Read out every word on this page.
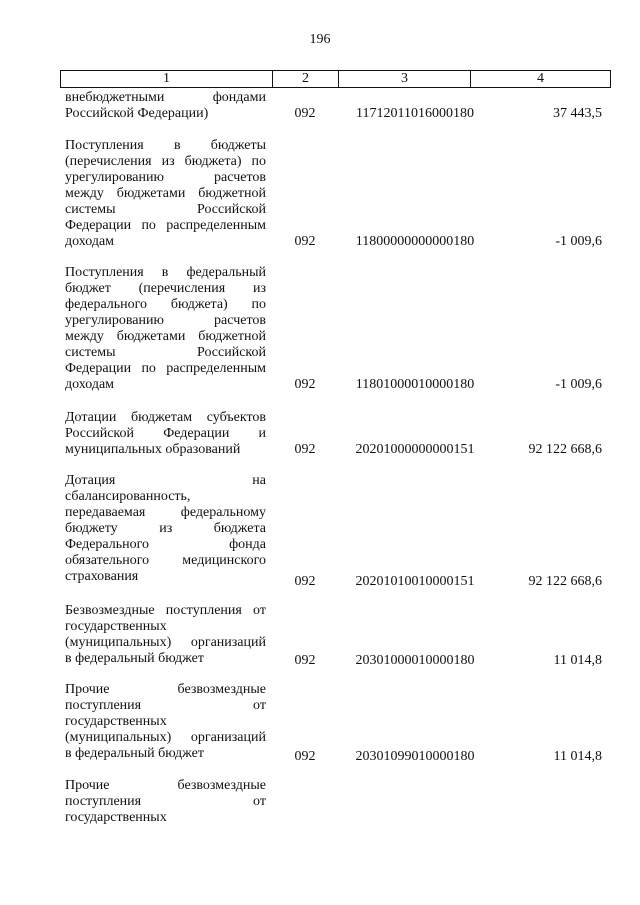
196
1	2	3	4
внебюджетными фондами
Российской Федерации)	092	11712011016000180	37 443,5
Поступления в бюджеты
(перечисления из бюджета) по
урегулированию расчетов
между бюджетами бюджетной
системы Российской
Федерации по распределенным
доходам	092	11800000000000180	-1 009,6
Поступления в федеральный
бюджет (перечисления из
федерального бюджета) по
урегулированию расчетов
между бюджетами бюджетной
системы Российской
Федерации по распределенным
доходам	092	11801000010000180	-1 009,6
Дотации бюджетам субъектов
Российской Федерации и
муниципальных образований	092	20201000000000151	92 122 668,6
Дотация на
сбалансированность,
передаваемая федеральному
бюджету из бюджета
Федерального фонда
обязательного медицинского
страхования	092	20201010010000151	92 122 668,6
Безвозмездные поступления от
государственных
(муниципальных) организаций
в федеральный бюджет	092	20301000010000180	11 014,8
Прочие безвозмездные
поступления от
государственных
(муниципальных) организаций
в федеральный бюджет	092	20301099010000180	11 014,8
Прочие безвозмездные
поступления от
государственных
